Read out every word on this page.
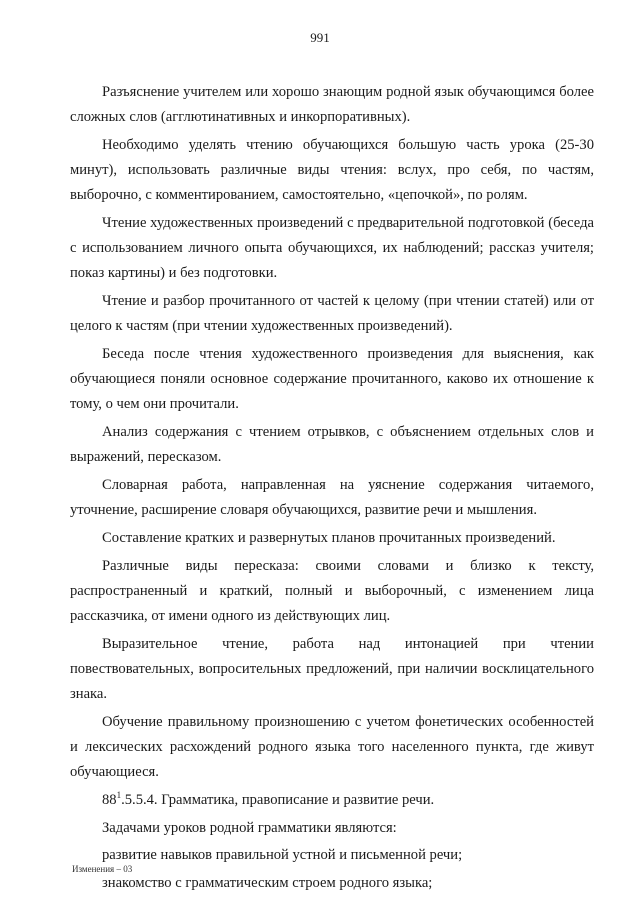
991

Разъяснение учителем или хорошо знающим родной язык обучающимся более сложных слов (агглютинативных и инкорпоративных).

Необходимо уделять чтению обучающихся большую часть урока (25-30 минут), использовать различные виды чтения: вслух, про себя, по частям, выборочно, с комментированием, самостоятельно, «цепочкой», по ролям.

Чтение художественных произведений с предварительной подготовкой (беседа с использованием личного опыта обучающихся, их наблюдений; рассказ учителя; показ картины) и без подготовки.

Чтение и разбор прочитанного от частей к целому (при чтении статей) или от целого к частям (при чтении художественных произведений).

Беседа после чтения художественного произведения для выяснения, как обучающиеся поняли основное содержание прочитанного, каково их отношение к тому, о чем они прочитали.

Анализ содержания с чтением отрывков, с объяснением отдельных слов и выражений, пересказом.

Словарная работа, направленная на уяснение содержания читаемого, уточнение, расширение словаря обучающихся, развитие речи и мышления.

Составление кратких и развернутых планов прочитанных произведений.

Различные виды пересказа: своими словами и близко к тексту, распространенный и краткий, полный и выборочный, с изменением лица рассказчика, от имени одного из действующих лиц.

Выразительное чтение, работа над интонацией при чтении повествовательных, вопросительных предложений, при наличии восклицательного знака.

Обучение правильному произношению с учетом фонетических особенностей и лексических расхождений родного языка того населенного пункта, где живут обучающиеся.

$88^1.5.5.4$. Грамматика, правописание и развитие речи.

Задачами уроков родной грамматики являются:

развитие навыков правильной устной и письменной речи;

знакомство с грамматическим строем родного языка;

Изменения – 03
